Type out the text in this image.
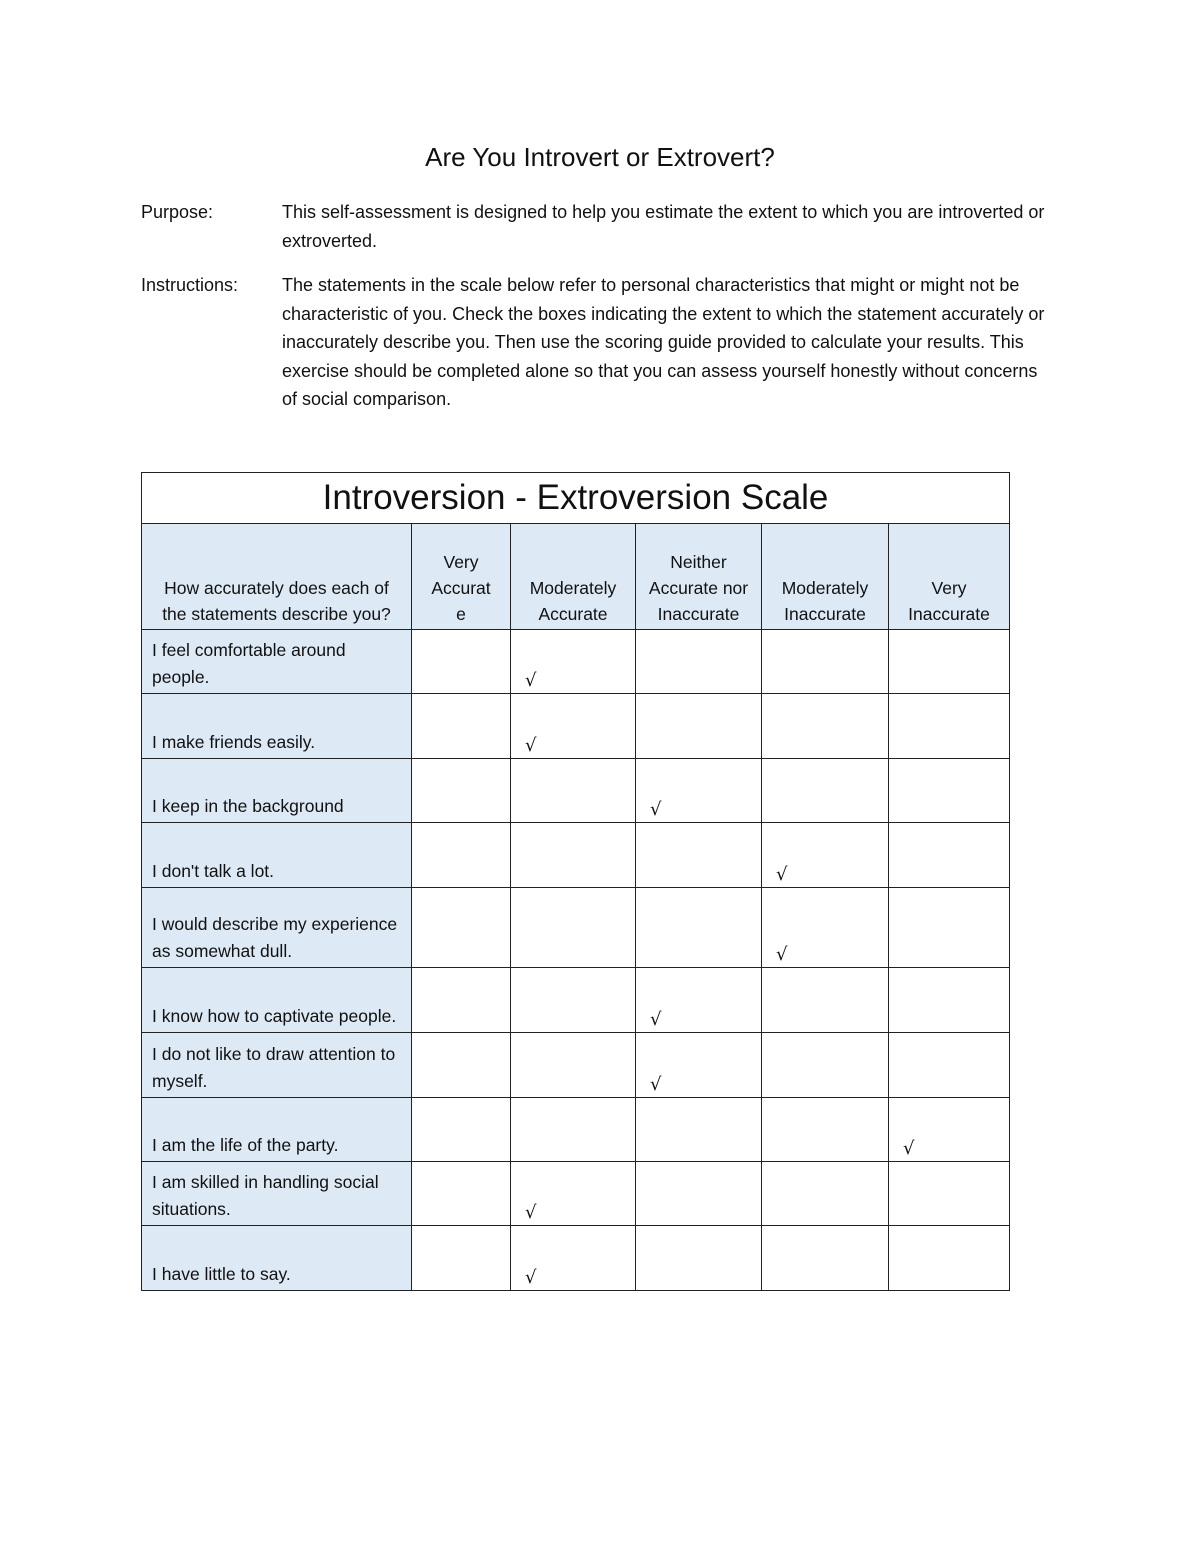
Are You Introvert or Extrovert?
Purpose:	This self-assessment is designed to help you estimate the extent to which you are introverted or extroverted.
Instructions: The statements in the scale below refer to personal characteristics that might or might not be characteristic of you. Check the boxes indicating the extent to which the statement accurately or inaccurately describe you. Then use the scoring guide provided to calculate your results. This exercise should be completed alone so that you can assess yourself honestly without concerns of social comparison.
Introversion - Extroversion Scale					
How accurately does each of the statements describe you?	Very Accurat e	Moderately Accurate	Neither Accurate nor Inaccurate	Moderately Inaccurate	Very Inaccurate
I feel comfortable around people.		√			
I make friends easily.		√			
I keep in the background			√		
I don't talk a lot.				√	
I would describe my experience as somewhat dull.				√	
I know how to captivate people.			√		
I do not like to draw attention to myself.			√		
I am the life of the party.					√
I am skilled in handling social situations.		√			
I have little to say.		√			
